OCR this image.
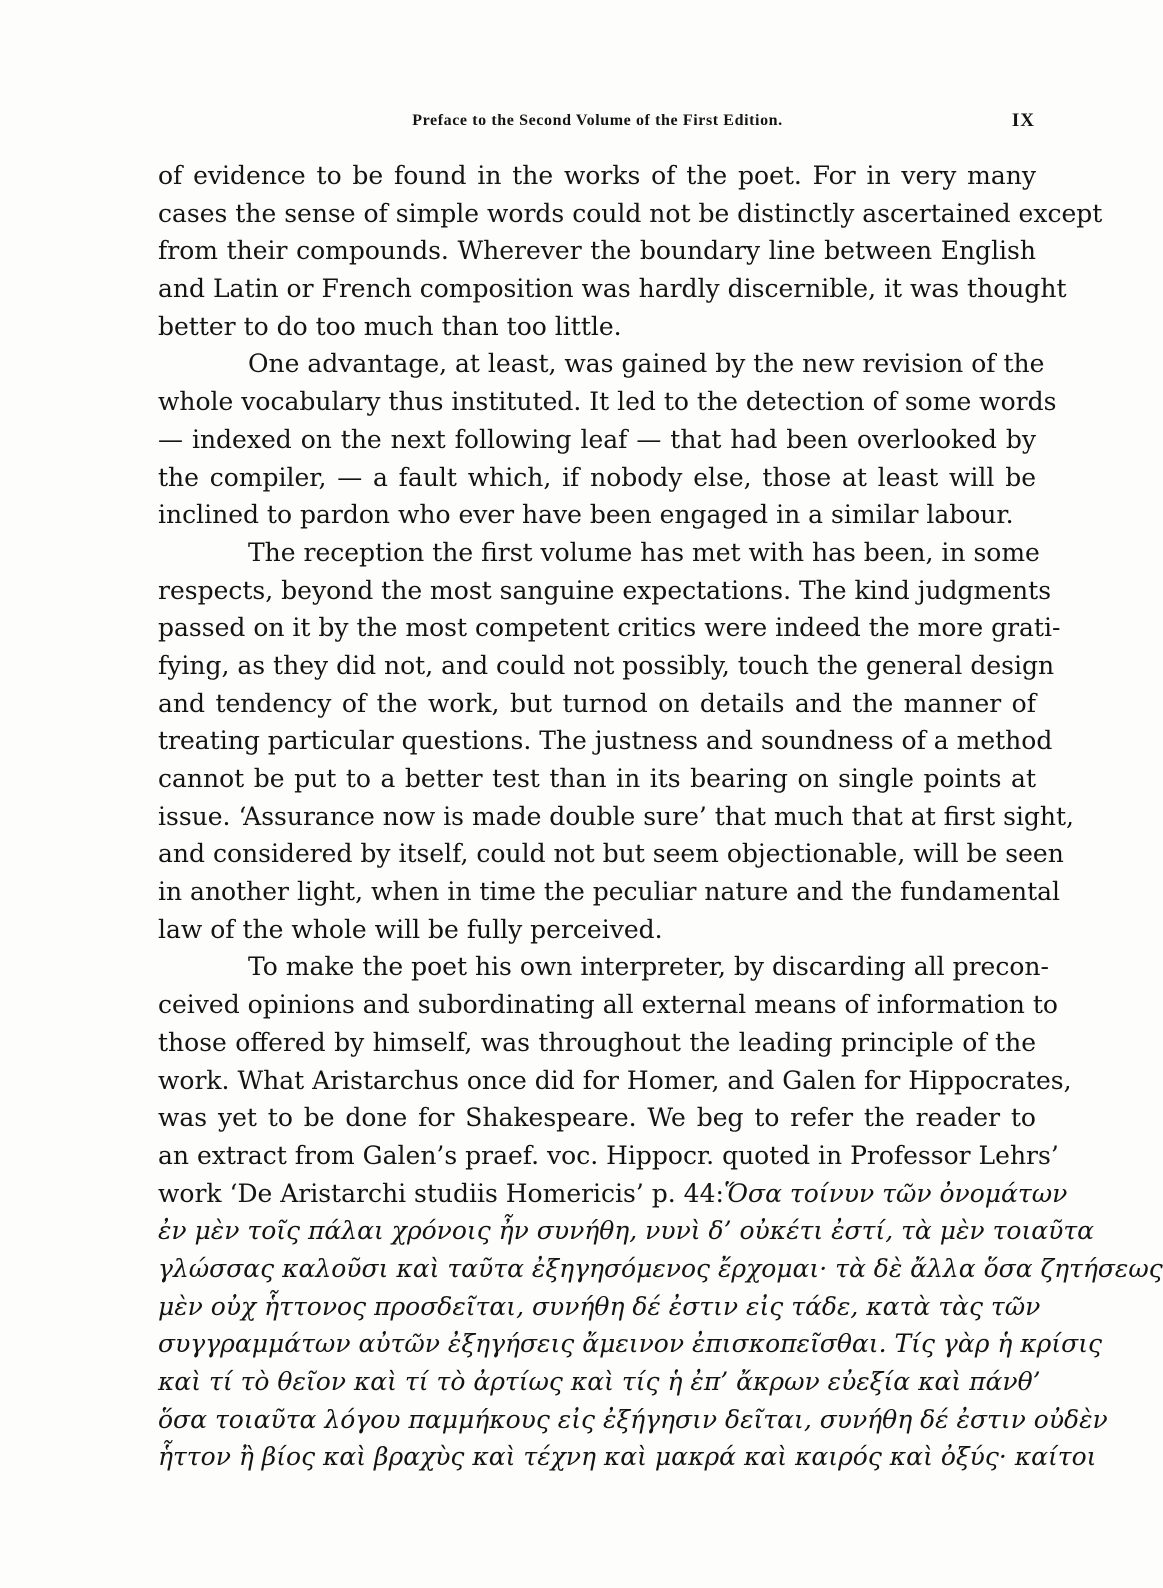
Preface to the Second Volume of the First Edition.	IX
of evidence to be found in the works of the poet. For in very many
cases the sense of simple words could not be distinctly ascertained except
from their compounds. Wherever the boundary line between English
and Latin or French composition was hardly discernible, it was thought
better to do too much than too little.
One advantage, at least, was gained by the new revision of the
whole vocabulary thus instituted. It led to the detection of some words
— indexed on the next following leaf — that had been overlooked by
the compiler, — a fault which, if nobody else, those at least will be
inclined to pardon who ever have been engaged in a similar labour.
The reception the first volume has met with has been, in some
respects, beyond the most sanguine expectations. The kind judgments
passed on it by the most competent critics were indeed the more grati-
fying, as they did not, and could not possibly, touch the general design
and tendency of the work, but turnod on details and the manner of
treating particular questions. The justness and soundness of a method
cannot be put to a better test than in its bearing on single points at
issue. ‘Assurance now is made double sure’ that much that at first sight,
and considered by itself, could not but seem objectionable, will be seen
in another light, when in time the peculiar nature and the fundamental
law of the whole will be fully perceived.
To make the poet his own interpreter, by discarding all precon-
ceived opinions and subordinating all external means of information to
those offered by himself, was throughout the leading principle of the
work. What Aristarchus once did for Homer, and Galen for Hippocrates,
was yet to be done for Shakespeare. We beg to refer the reader to
an extract from Galen’s praef. voc. Hippocr. quoted in Professor Lehrs’
work ‘De Aristarchi studiis Homericis’ p. 44:Ὅσα τοίνυν τῶν ὀνομάτων
ἐν μὲν τοῖς πάλαι χρόνοις ἦν συνήθη, νυνὶ δ’ οὐκέτι ἐστί, τὰ μὲν τοιαῦτα
γλώσσας καλοῦσι καὶ ταῦτα ἐξηγησόμενος ἔρχομαι· τὰ δὲ ἄλλα ὅσα ζητήσεως
μὲν οὐχ ἧττονος προσδεῖται, συνήθη δέ ἐστιν εἰς τάδε, κατὰ τὰς τῶν
συγγραμμάτων αὐτῶν ἐξηγήσεις ἄμεινον ἐπισκοπεῖσθαι. Τίς γὰρ ἡ κρίσις
καὶ τί τὸ θεῖον καὶ τί τὸ ἀρτίως καὶ τίς ἡ ἐπ’ ἄκρων εὐεξία καὶ πάνθ’
ὅσα τοιαῦτα λόγου παμμήκους εἰς ἐξήγησιν δεῖται, συνήθη δέ ἐστιν οὐδὲν
ἧττον ἢ βίος καὶ βραχὺς καὶ τέχνη καὶ μακρά καὶ καιρός καὶ ὀξύς· καίτοι
